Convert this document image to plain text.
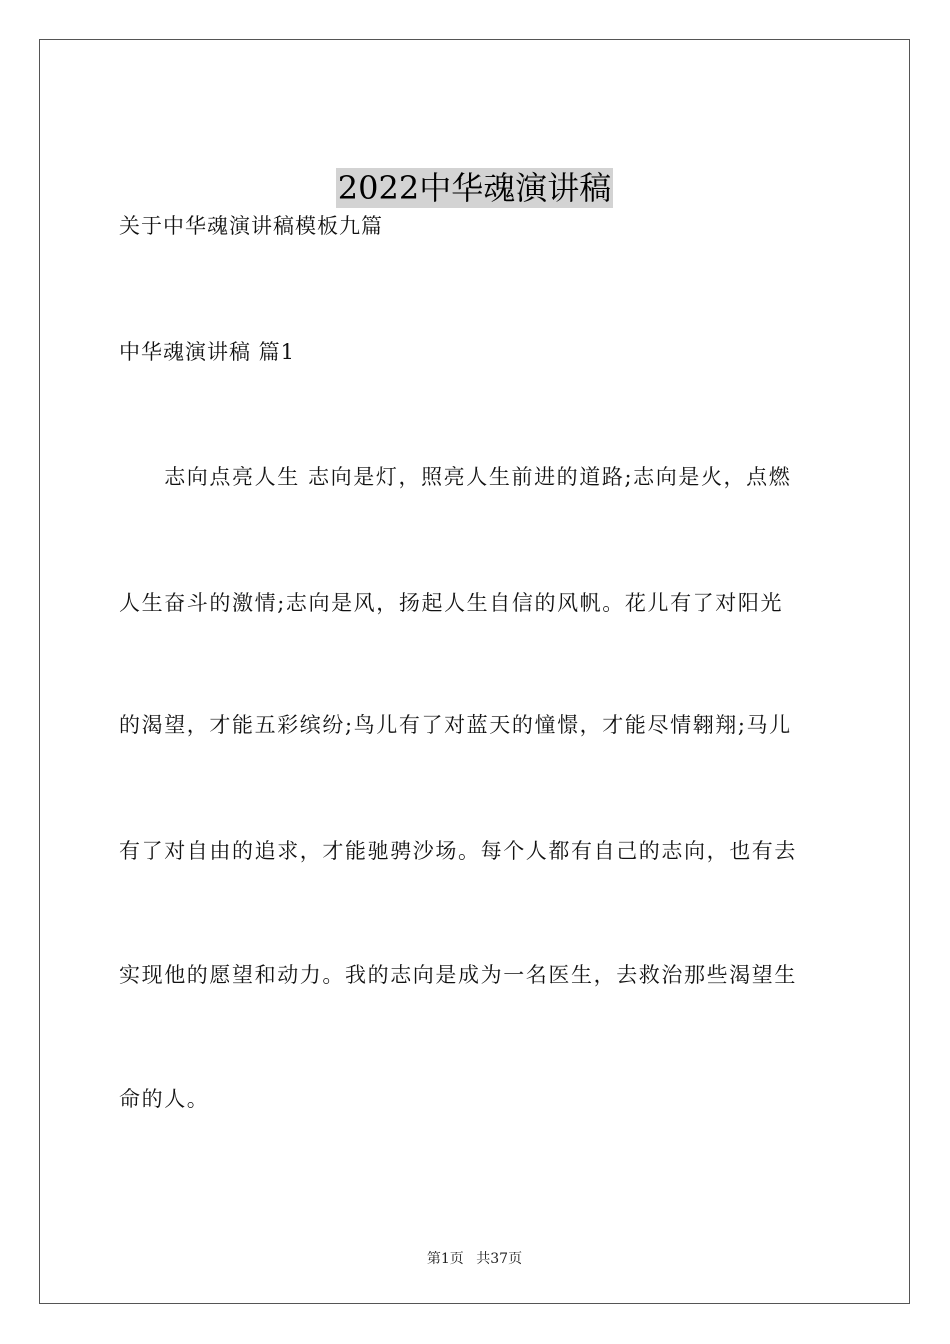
2022中华魂演讲稿
关于中华魂演讲稿模板九篇
中华魂演讲稿 篇1
　　志向点亮人生 志向是灯，照亮人生前进的道路;志向是火，点燃
人生奋斗的激情;志向是风，扬起人生自信的风帆。花儿有了对阳光
的渴望，才能五彩缤纷;鸟儿有了对蓝天的憧憬，才能尽情翱翔;马儿
有了对自由的追求，才能驰骋沙场。每个人都有自己的志向，也有去
实现他的愿望和动力。我的志向是成为一名医生，去救治那些渴望生
命的人。
第1页 共37页
